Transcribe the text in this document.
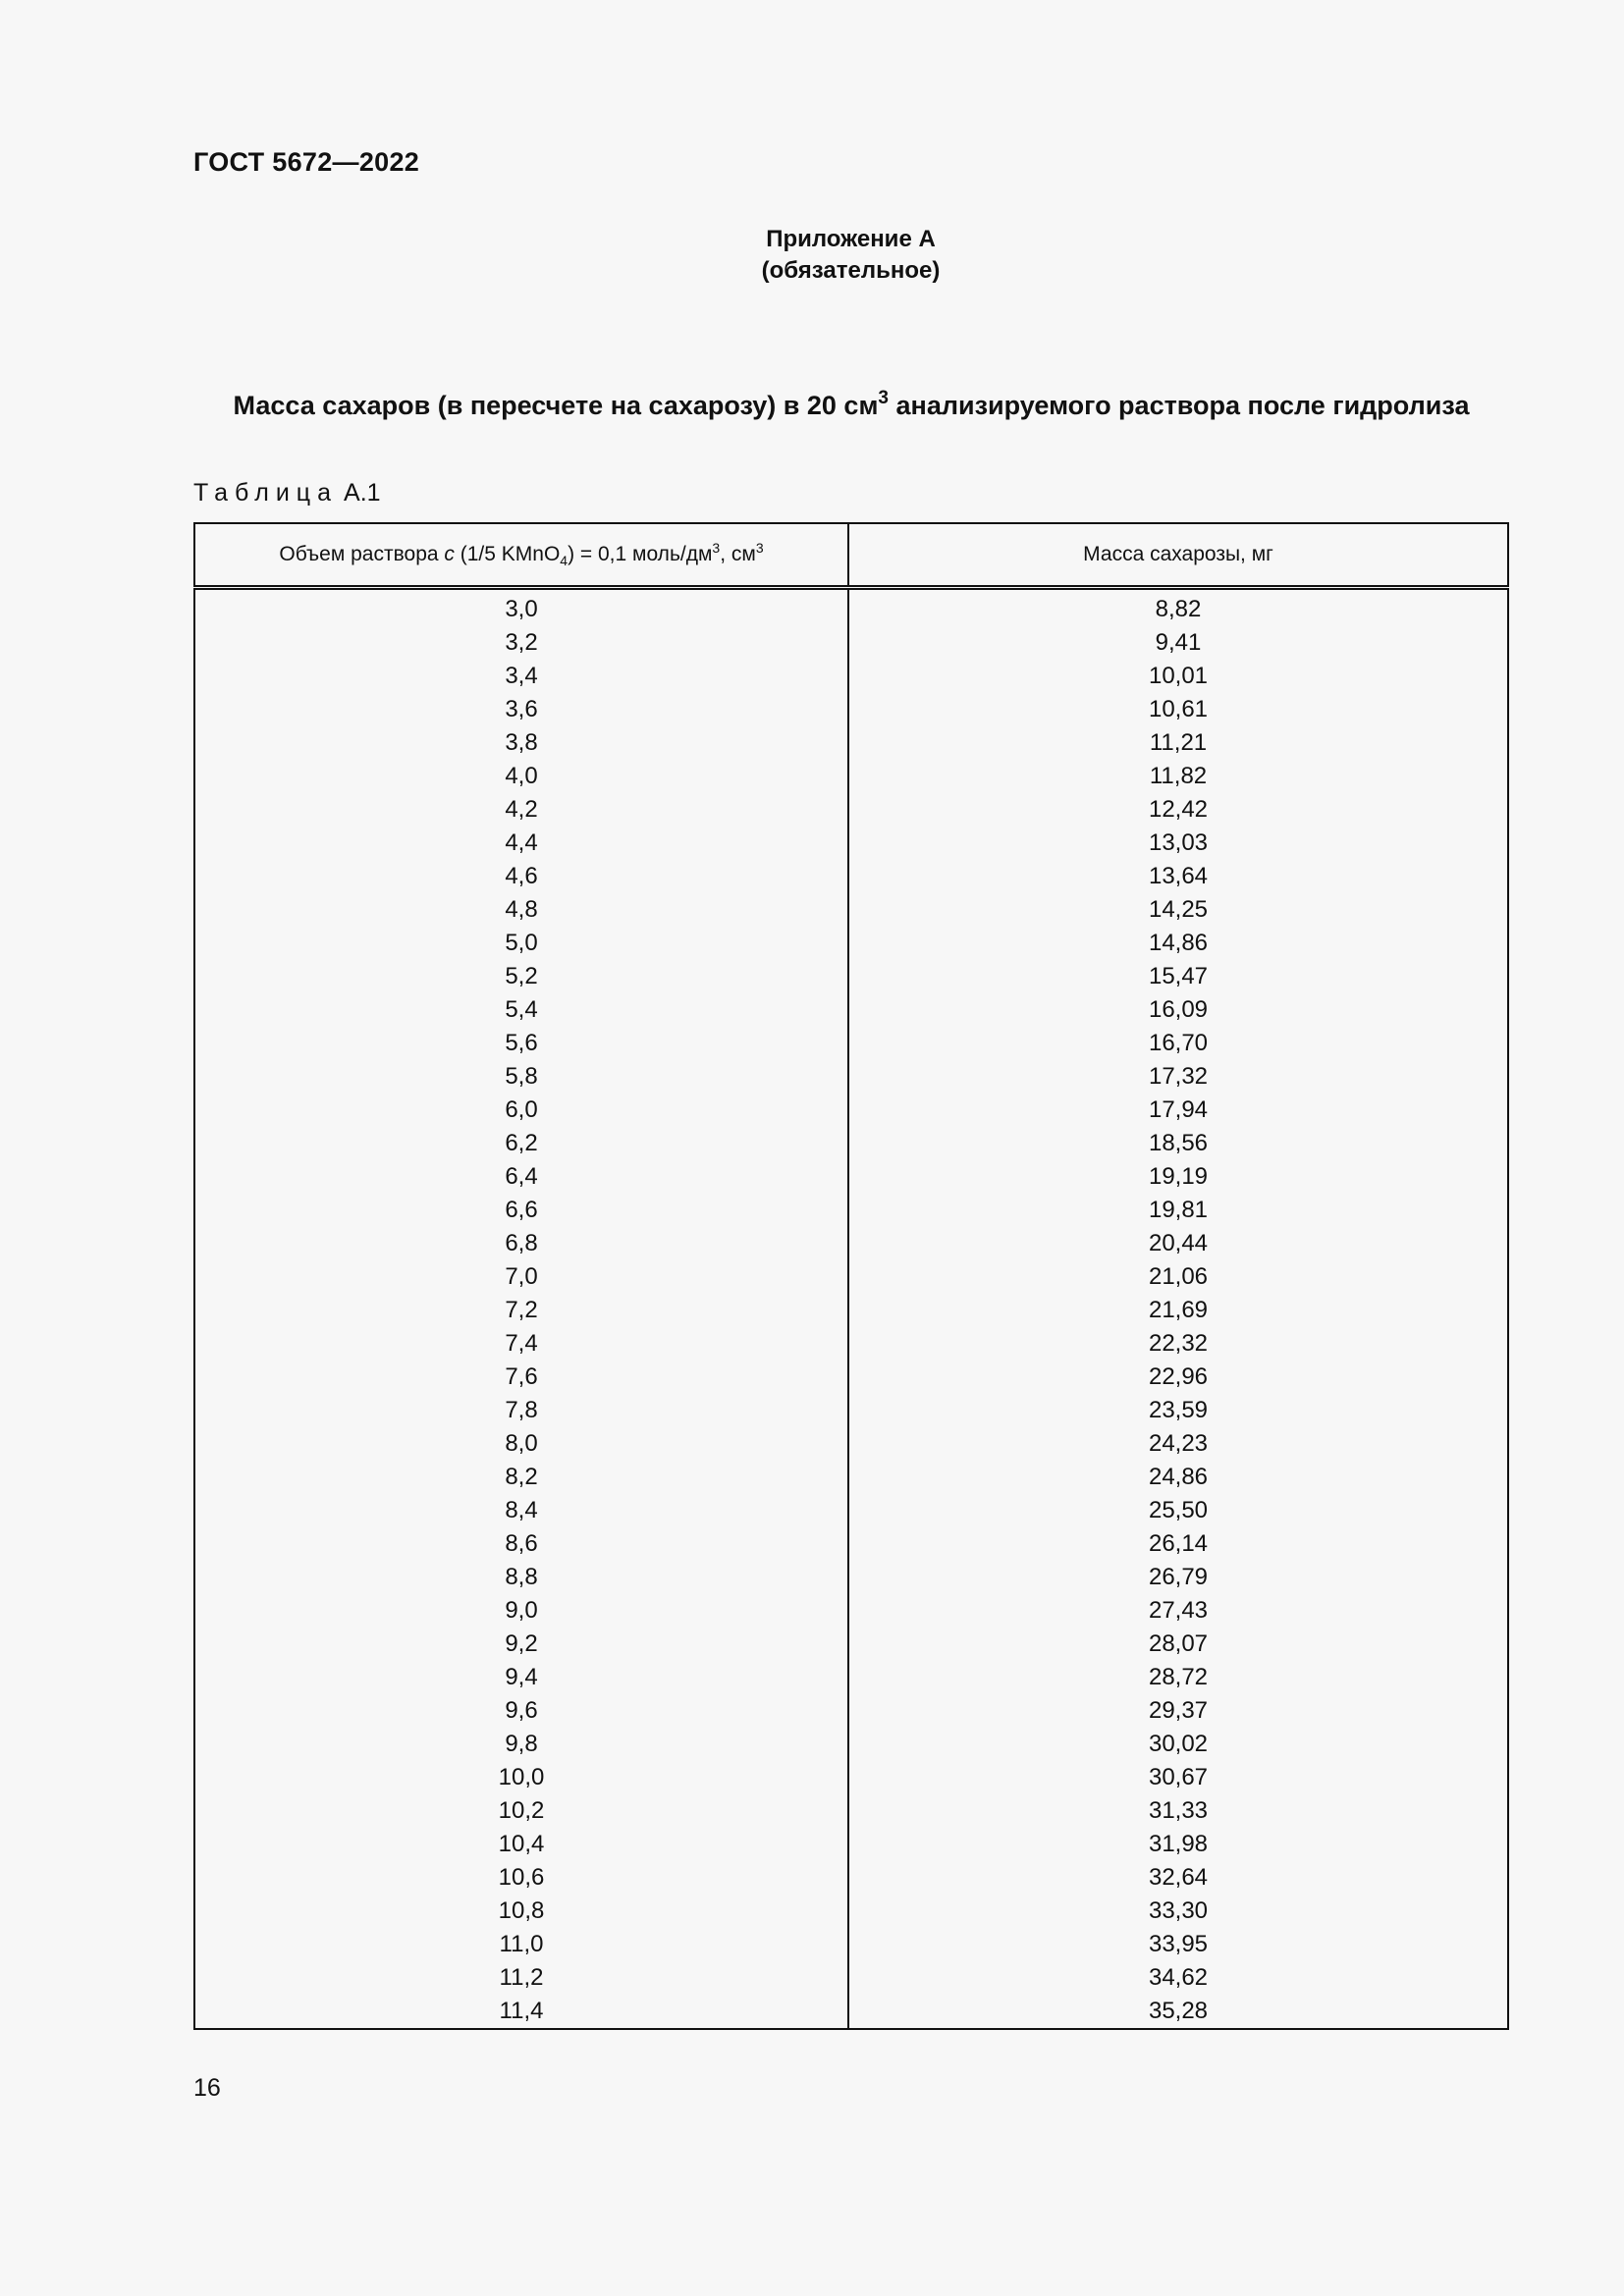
ГОСТ 5672—2022
Приложение А
(обязательное)
Масса сахаров (в пересчете на сахарозу) в 20 $см^3$ анализируемого раствора после гидролиза
Таблица А.1
Объем раствора c (1/5 KMnO$_4$) = 0,1 моль/$дм^3$, $см^3$	Масса сахарозы, мг
3,0	8,82
3,2	9,41
3,4	10,01
3,6	10,61
3,8	11,21
4,0	11,82
4,2	12,42
4,4	13,03
4,6	13,64
4,8	14,25
5,0	14,86
5,2	15,47
5,4	16,09
5,6	16,70
5,8	17,32
6,0	17,94
6,2	18,56
6,4	19,19
6,6	19,81
6,8	20,44
7,0	21,06
7,2	21,69
7,4	22,32
7,6	22,96
7,8	23,59
8,0	24,23
8,2	24,86
8,4	25,50
8,6	26,14
8,8	26,79
9,0	27,43
9,2	28,07
9,4	28,72
9,6	29,37
9,8	30,02
10,0	30,67
10,2	31,33
10,4	31,98
10,6	32,64
10,8	33,30
11,0	33,95
11,2	34,62
11,4	35,28
16
